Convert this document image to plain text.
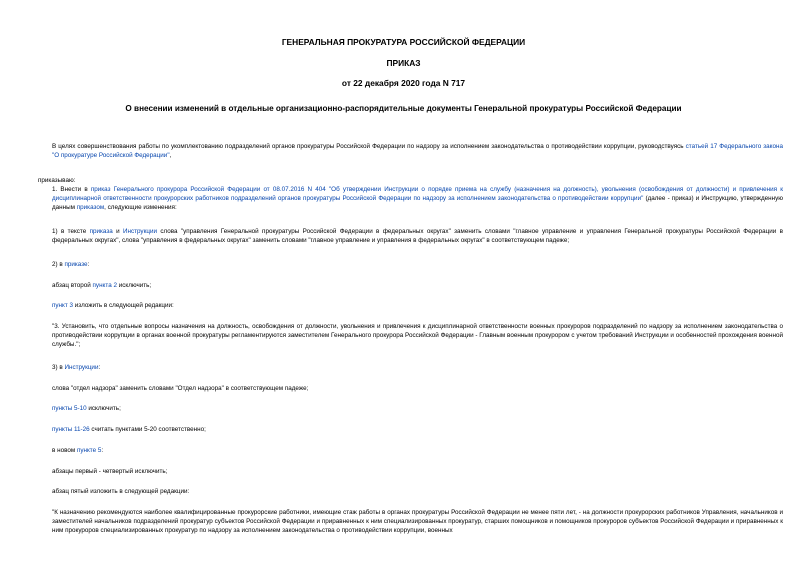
ГЕНЕРАЛЬНАЯ ПРОКУРАТУРА РОССИЙСКОЙ ФЕДЕРАЦИИ
ПРИКАЗ
от 22 декабря 2020 года N 717
О внесении изменений в отдельные организационно-распорядительные документы Генеральной прокуратуры Российской Федерации
В целях совершенствования работы по укомплектованию подразделений органов прокуратуры Российской Федерации по надзору за исполнением законодательства о противодействии коррупции, руководствуясь статьей 17 Федерального закона "О прокуратуре Российской Федерации",
приказываю:
1. Внести в приказ Генерального прокурора Российской Федерации от 08.07.2016 N 404 "Об утверждении Инструкции о порядке приема на службу (назначения на должность), увольнения (освобождения от должности) и привлечения к дисциплинарной ответственности прокурорских работников подразделений органов прокуратуры Российской Федерации по надзору за исполнением законодательства о противодействии коррупции" (далее - приказ) и Инструкцию, утвержденную данным приказом, следующие изменения:
1) в тексте приказа и Инструкции слова "управления Генеральной прокуратуры Российской Федерации в федеральных округах" заменить словами "главное управление и управления Генеральной прокуратуры Российской Федерации в федеральных округах", слова "управления в федеральных округах" заменить словами "главное управление и управления в федеральных округах" в соответствующем падеже;
2) в приказе:
абзац второй пункта 2 исключить;
пункт 3 изложить в следующей редакции:
"3. Установить, что отдельные вопросы назначения на должность, освобождения от должности, увольнения и привлечения к дисциплинарной ответственности военных прокуроров подразделений по надзору за исполнением законодательства о противодействии коррупции в органах военной прокуратуры регламентируются заместителем Генерального прокурора Российской Федерации - Главным военным прокурором с учетом требований Инструкции и особенностей прохождения военной службы.";
3) в Инструкции:
слова "отдел надзора" заменить словами "Отдел надзора" в соответствующем падеже;
пункты 5-10 исключить;
пункты 11-26 считать пунктами 5-20 соответственно;
в новом пункте 5:
абзацы первый - четвертый исключить;
абзац пятый изложить в следующей редакции:
"К назначению рекомендуются наиболее квалифицированные прокурорские работники, имеющие стаж работы в органах прокуратуры Российской Федерации не менее пяти лет, - на должности прокурорских работников Управления, начальников и заместителей начальников подразделений прокуратур субъектов Российской Федерации и приравненных к ним специализированных прокуратур, старших помощников и помощников прокуроров субъектов Российской Федерации и приравненных к ним прокуроров специализированных прокуратур по надзору за исполнением законодательства о противодействии коррупции, военных
